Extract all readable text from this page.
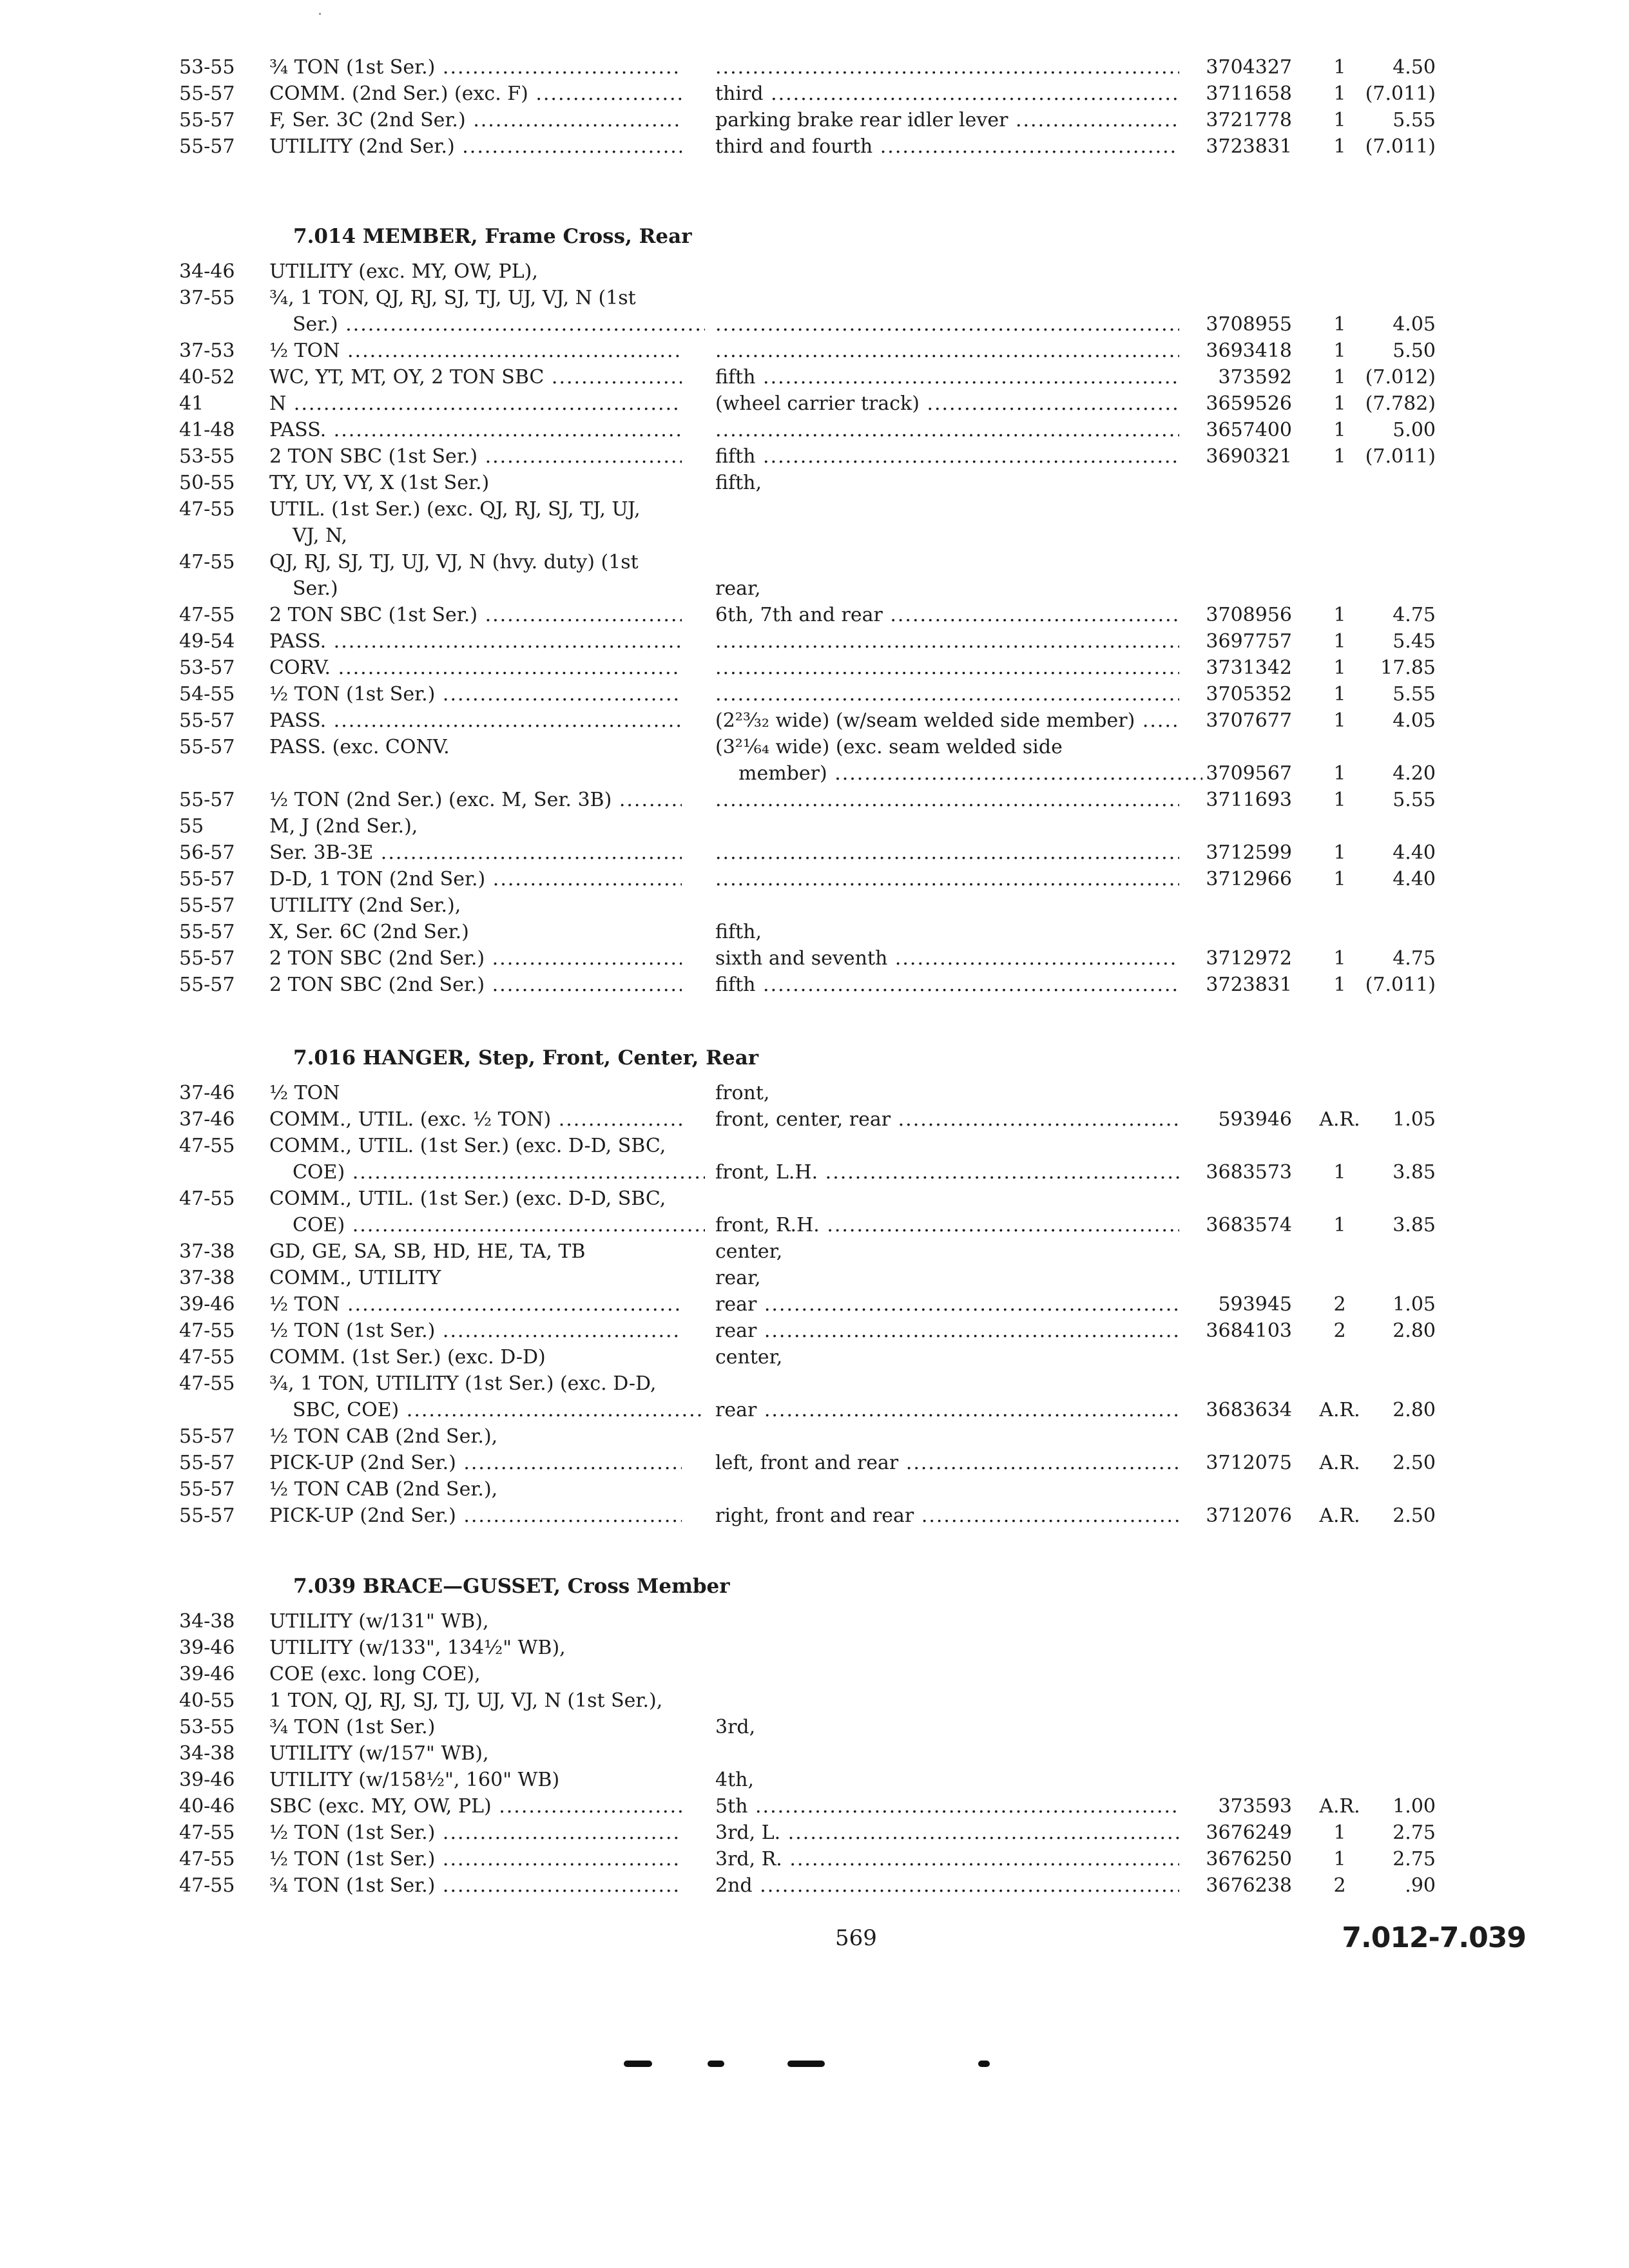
53-55 ¾ TON (1st Ser.) ..... .....	3704327	1	4.50
55-57 COMM. (2nd Ser.) (exc. F) .....	third .....	3711658	1	(7.011)
55-57 F, Ser. 3C (2nd Ser.) .....	parking brake rear idler lever .....	3721778	1	5.55
55-57 UTILITY (2nd Ser.) .....	third and fourth .....	3723831	1	(7.011)
7.014 MEMBER, Frame Cross, Rear
34-46 UTILITY (exc. MY, OW, PL),
37-55 ¾, 1 TON, QJ, RJ, SJ, TJ, UJ, VJ, N (1st
Ser.) ..... .....	3708955	1	4.05
37-53 ½ TON ..... .....	3693418	1	5.50
40-52 WC, YT, MT, OY, 2 TON SBC .....	fifth .....	373592	1	(7.012)
41	N .....	(wheel carrier track) .....	3659526	1	(7.782)
41-48 PASS. ..... .....	3657400	1	5.00
53-55 2 TON SBC (1st Ser.) .....	fifth .....	3690321	1	(7.011)
50-55 TY, UY, VY, X (1st Ser.)	fifth,
47-55 UTIL. (1st Ser.) (exc. QJ, RJ, SJ, TJ, UJ,
VJ, N,
47-55 QJ, RJ, SJ, TJ, UJ, VJ, N (hvy. duty) (1st
Ser.)	rear,
47-55 2 TON SBC (1st Ser.) .....	6th, 7th and rear .....	3708956	1	4.75
49-54 PASS. ..... .....	3697757	1	5.45
53-57 CORV. ..... .....	3731342	1	17.85
54-55 ½ TON (1st Ser.) ..... .....	3705352	1	5.55
55-57 PASS. .....	(2²³⁄₃₂ wide) (w/seam welded side member) .....	3707677	1	4.05
55-57 PASS. (exc. CONV.	(3²¹⁄₆₄ wide) (exc. seam welded side
member) .....	3709567	1	4.20
55-57 ½ TON (2nd Ser.) (exc. M, Ser. 3B) ..... .....	3711693	1	5.55
55	M, J (2nd Ser.),
56-57 Ser. 3B-3E ..... .....	3712599	1	4.40
55-57 D-D, 1 TON (2nd Ser.) ..... .....	3712966	1	4.40
55-57 UTILITY (2nd Ser.),
55-57 X, Ser. 6C (2nd Ser.)	fifth,
55-57 2 TON SBC (2nd Ser.) .....	sixth and seventh .....	3712972	1	4.75
55-57 2 TON SBC (2nd Ser.) .....	fifth .....	3723831	1	(7.011)
7.016 HANGER, Step, Front, Center, Rear
37-46 ½ TON	front,
37-46 COMM., UTIL. (exc. ½ TON) .....	front, center, rear .....	593946	A.R.	1.05
47-55 COMM., UTIL. (1st Ser.) (exc. D-D, SBC,
COE) .....	front, L.H. .....	3683573	1	3.85
47-55 COMM., UTIL. (1st Ser.) (exc. D-D, SBC,
COE) .....	front, R.H. .....	3683574	1	3.85
37-38 GD, GE, SA, SB, HD, HE, TA, TB	center,
37-38 COMM., UTILITY	rear,
39-46 ½ TON .....	rear .....	593945	2	1.05
47-55 ½ TON (1st Ser.) .....	rear .....	3684103	2	2.80
47-55 COMM. (1st Ser.) (exc. D-D)	center,
47-55 ¾, 1 TON, UTILITY (1st Ser.) (exc. D-D,
SBC, COE) .....	rear .....	3683634	A.R.	2.80
55-57 ½ TON CAB (2nd Ser.),
55-57 PICK-UP (2nd Ser.) .....	left, front and rear .....	3712075	A.R.	2.50
55-57 ½ TON CAB (2nd Ser.),
55-57 PICK-UP (2nd Ser.) .....	right, front and rear .....	3712076	A.R.	2.50
7.039 BRACE—GUSSET, Cross Member
34-38 UTILITY (w/131" WB),
39-46 UTILITY (w/133", 134½" WB),
39-46 COE (exc. long COE),
40-55 1 TON, QJ, RJ, SJ, TJ, UJ, VJ, N (1st Ser.),
53-55 ¾ TON (1st Ser.)	3rd,
34-38 UTILITY (w/157" WB),
39-46 UTILITY (w/158½", 160" WB)	4th,
40-46 SBC (exc. MY, OW, PL) .....	5th .....	373593	A.R.	1.00
47-55 ½ TON (1st Ser.) .....	3rd, L. .....	3676249	1	2.75
47-55 ½ TON (1st Ser.) .....	3rd, R. .....	3676250	1	2.75
47-55 ¾ TON (1st Ser.) .....	2nd .....	3676238	2	.90
569	7.012-7.039
